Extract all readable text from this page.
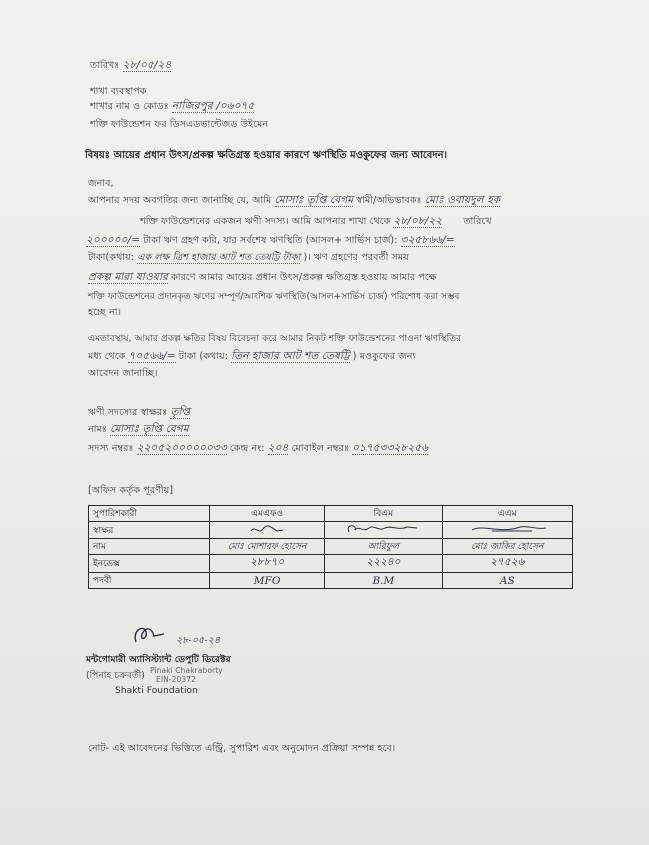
তারিখঃ ২৮/০৫/২৪
শাখা ব্যবস্থাপক
শাখার নাম ও কোডঃ নাজিরপুর /০৬০৭৫
শক্তি ফাউন্ডেশন ফর ডিসএডভান্টেজড উইমেন
বিষয়ঃ আয়ের প্রধান উৎস/প্রকল্প ক্ষতিগ্রস্ত হওয়ার কারণে ঋণস্থিতি মওকুফের জন্য আবেদন।
জনাব,
আপনার সদয় অবগতির জন্য জানাচ্ছি যে, আমি মোসাঃ তৃপ্তি বেগম স্বামী/অভিভাবকঃ মোঃ ওবায়দুল হক
শক্তি ফাউন্ডেশনের একজন ঋণী সদস্য। আমি আপনার শাখা থেকে ২৮/০৮/২২ তারিখে
২০০০০০/= টাকা ঋণ গ্রহণ করি, যার সর্বশেষ ঋণস্থিতি (আসল+ সার্ভিস চার্জ): ৩২৫৮৬৬/=
টাকা(কথায়: এক লক্ষ ত্রিশ হাজার আট শত তেষট্টি টাকা )। ঋণ গ্রহণের পরবর্তী সময়
প্রকল্প মারা যাওয়ার কারণে আমার আয়ের প্রধান উৎস/প্রকল্প ক্ষতিগ্রস্ত হওয়ায় আমার পক্ষে
শক্তি ফাউন্ডেশনের প্রদানকৃত ঋণের সম্পূর্ণ/আংশিক ঋণস্থিতি(আসল+সার্ভিস চার্জ) পরিশোধ করা সম্ভব
হচ্ছে না।
এমতাবস্থায়, আমার প্রকল্প ক্ষতির বিষয় বিবেচনা করে আমার নিকট শক্তি ফাউন্ডেশনের পাওনা ঋণস্থিতির
মধ্য থেকে ৭০৫৬৬/= টাকা (কথায়: তিন হাজার আট শত তেষট্টি ) মওকুফের জন্য
আবেদন জানাচ্ছি।
ঋণী সদস্যের স্বাক্ষরঃ তৃপ্তি
নামঃ মোসাঃ তৃপ্তি বেগম
সদস্য নম্বরঃ ২২০৫২০০০০০০৩৩ কেন্দ্র নং: ২০৪ মোবাইল নম্বরঃ ০১৭৫৩৩২৮২৫৬
[অফিস কর্তৃক পূরণীয়]
সুপারিশকারী	এমএফও	বিএম	এএম
স্বাক্ষর			
নাম	মোঃ মোশারফ হোসেন	আরিফুল	মোঃ জাকির হোসেন
ইনডেক্স	২৮৮৭০	২২২৪০	২৭৫২৬
পদবী	MFO	B.M	AS
২৮-০৫-২৪
মন্টগোমারী অ্যাসিস্ট্যান্ট ডেপুটি ডিরেক্টর
(পিনাহ চক্রবর্তী)
Pinaki Chakraborty
EIN-20372
Shakti Foundation
নোট- এই আবেদনের ভিত্তিতে এন্ট্রি, সুপারিশ এবং অনুমোদন প্রক্রিয়া সম্পন্ন হবে।
